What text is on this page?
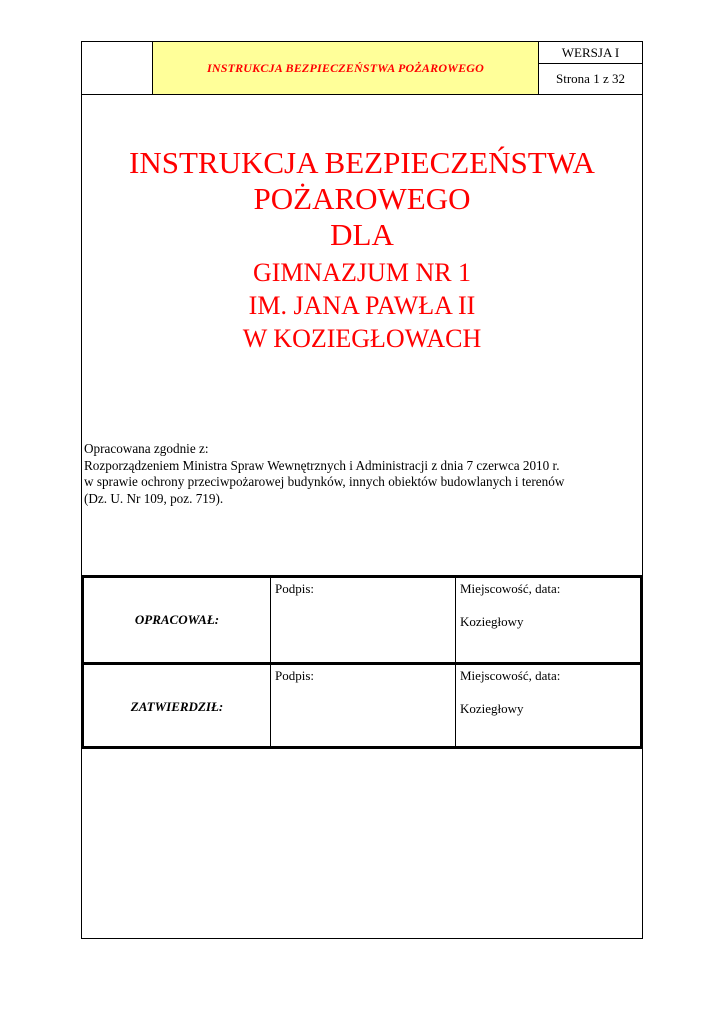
INSTRUKCJA BEZPIECZEŃSTWA POŻAROWEGO
WERSJA I
Strona 1 z 32
INSTRUKCJA BEZPIECZEŃSTWA
POŻAROWEGO
DLA
GIMNAZJUM NR 1
IM. JANA PAWŁA II
W KOZIEGŁOWACH
Opracowana zgodnie z:
Rozporządzeniem Ministra Spraw Wewnętrznych i Administracji z dnia 7 czerwca 2010 r.
w sprawie ochrony przeciwpożarowej budynków, innych obiektów budowlanych i terenów
(Dz. U. Nr 109, poz. 719).
OPRACOWAŁ:
Podpis:	Miejscowość, data:
Koziegłowy
ZATWIERDZIŁ:
Podpis:	Miejscowość, data:
Koziegłowy
